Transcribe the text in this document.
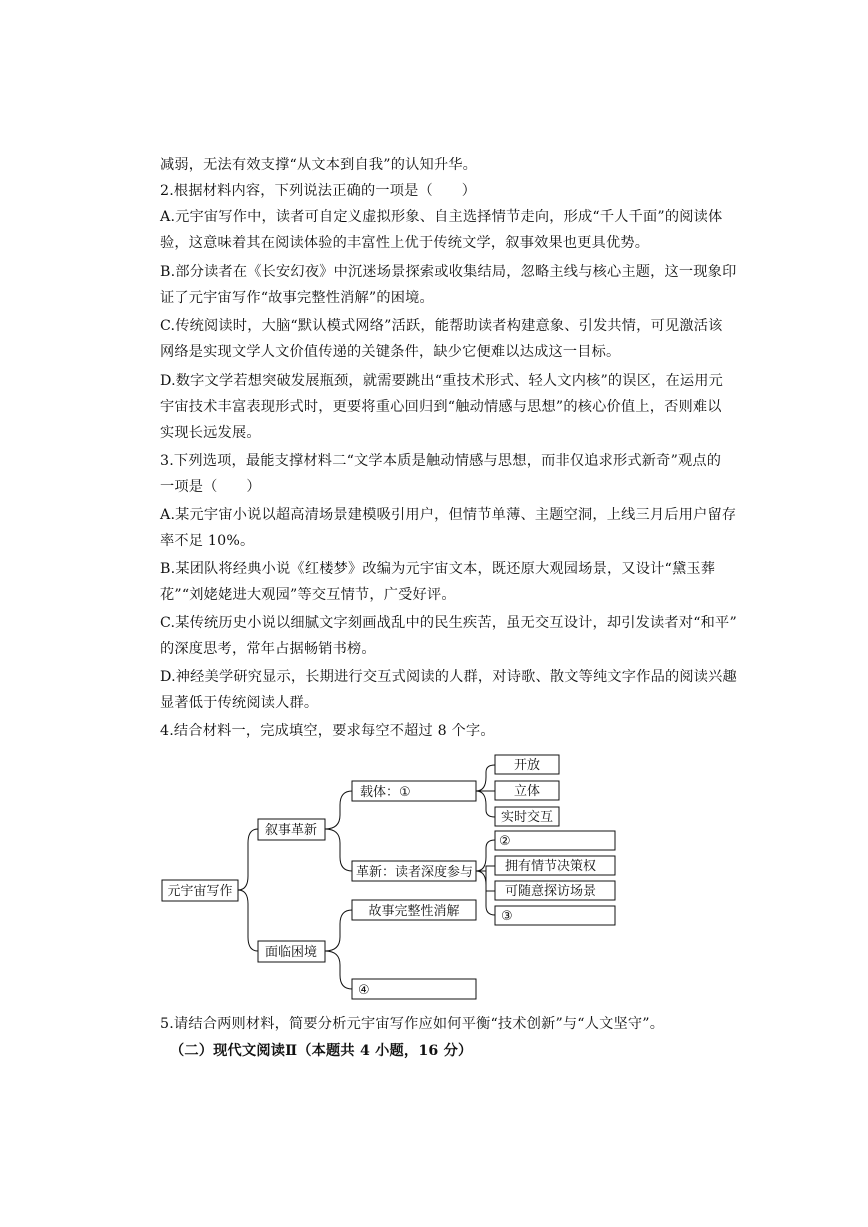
减弱，无法有效支撑“从文本到自我”的认知升华。
2.根据材料内容，下列说法正确的一项是（　　）
A.元宇宙写作中，读者可自定义虚拟形象、自主选择情节走向，形成“千人千面”的阅读体
验，这意味着其在阅读体验的丰富性上优于传统文学，叙事效果也更具优势。
B.部分读者在《长安幻夜》中沉迷场景探索或收集结局，忽略主线与核心主题，这一现象印
证了元宇宙写作“故事完整性消解”的困境。
C.传统阅读时，大脑“默认模式网络”活跃，能帮助读者构建意象、引发共情，可见激活该
网络是实现文学人文价值传递的关键条件，缺少它便难以达成这一目标。
D.数字文学若想突破发展瓶颈，就需要跳出“重技术形式、轻人文内核”的误区，在运用元
宇宙技术丰富表现形式时，更要将重心回归到“触动情感与思想”的核心价值上，否则难以
实现长远发展。
3.下列选项，最能支撑材料二“文学本质是触动情感与思想，而非仅追求形式新奇”观点的
一项是（　　）
A.某元宇宙小说以超高清场景建模吸引用户，但情节单薄、主题空洞，上线三月后用户留存
率不足 10%。
B.某团队将经典小说《红楼梦》改编为元宇宙文本，既还原大观园场景，又设计“黛玉葬
花”“刘姥姥进大观园”等交互情节，广受好评。
C.某传统历史小说以细腻文字刻画战乱中的民生疾苦，虽无交互设计，却引发读者对“和平”
的深度思考，常年占据畅销书榜。
D.神经美学研究显示，长期进行交互式阅读的人群，对诗歌、散文等纯文字作品的阅读兴趣
显著低于传统阅读人群。
4.结合材料一，完成填空，要求每空不超过 8 个字。
元宇宙写作
叙事革新
面临困境
载体：①
开放
立体
实时交互
革新：读者深度参与
②
拥有情节决策权
可随意探访场景
③
故事完整性消解
④
5.请结合两则材料，简要分析元宇宙写作应如何平衡“技术创新”与“人文坚守”。
（二）现代文阅读Ⅱ（本题共 4 小题，16 分）
